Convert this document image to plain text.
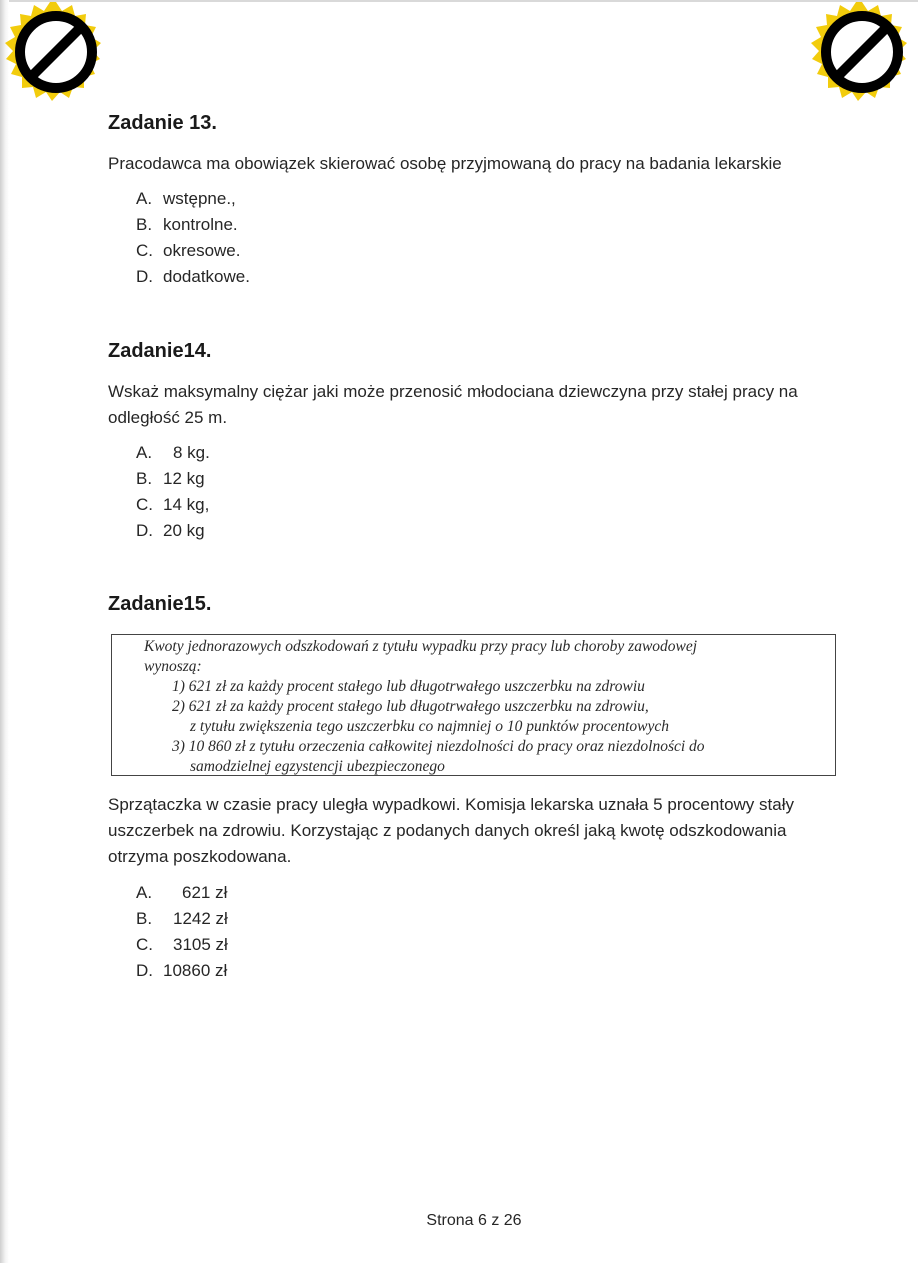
Zadanie 13.

Pracodawca ma obowiązek skierować osobę przyjmowaną do pracy na badania lekarskie

A. wstępne.,
B. kontrolne.
C. okresowe.
D. dodatkowe.
Zadanie14.

Wskaż maksymalny ciężar jaki może przenosić młodociana dziewczyna przy stałej pracy na odległość 25 m.

A. 8 kg.
B. 12 kg
C. 14 kg,
D. 20 kg
Zadanie15.

Kwoty jednorazowych odszkodowań z tytułu wypadku przy pracy lub choroby zawodowej

wynoszą:

1) 621 zł za każdy procent stałego lub długotrwałego uszczerbku na zdrowiu

2) 621 zł za każdy procent stałego lub długotrwałego uszczerbku na zdrowiu,

z tytułu zwiększenia tego uszczerbku co najmniej o 10 punktów procentowych

3) 10 860 zł z tytułu orzeczenia całkowitej niezdolności do pracy oraz niezdolności do

samodzielnej egzystencji ubezpieczonego

Sprzątaczka w czasie pracy uległa wypadkowi. Komisja lekarska uznała 5 procentowy stały uszczerbek na zdrowiu. Korzystając z podanych danych określ jaką kwotę odszkodowania otrzyma poszkodowana.

A. 621 zł
B. 1242 zł
C. 3105 zł
D. 10860 zł
Strona 6 z 26
